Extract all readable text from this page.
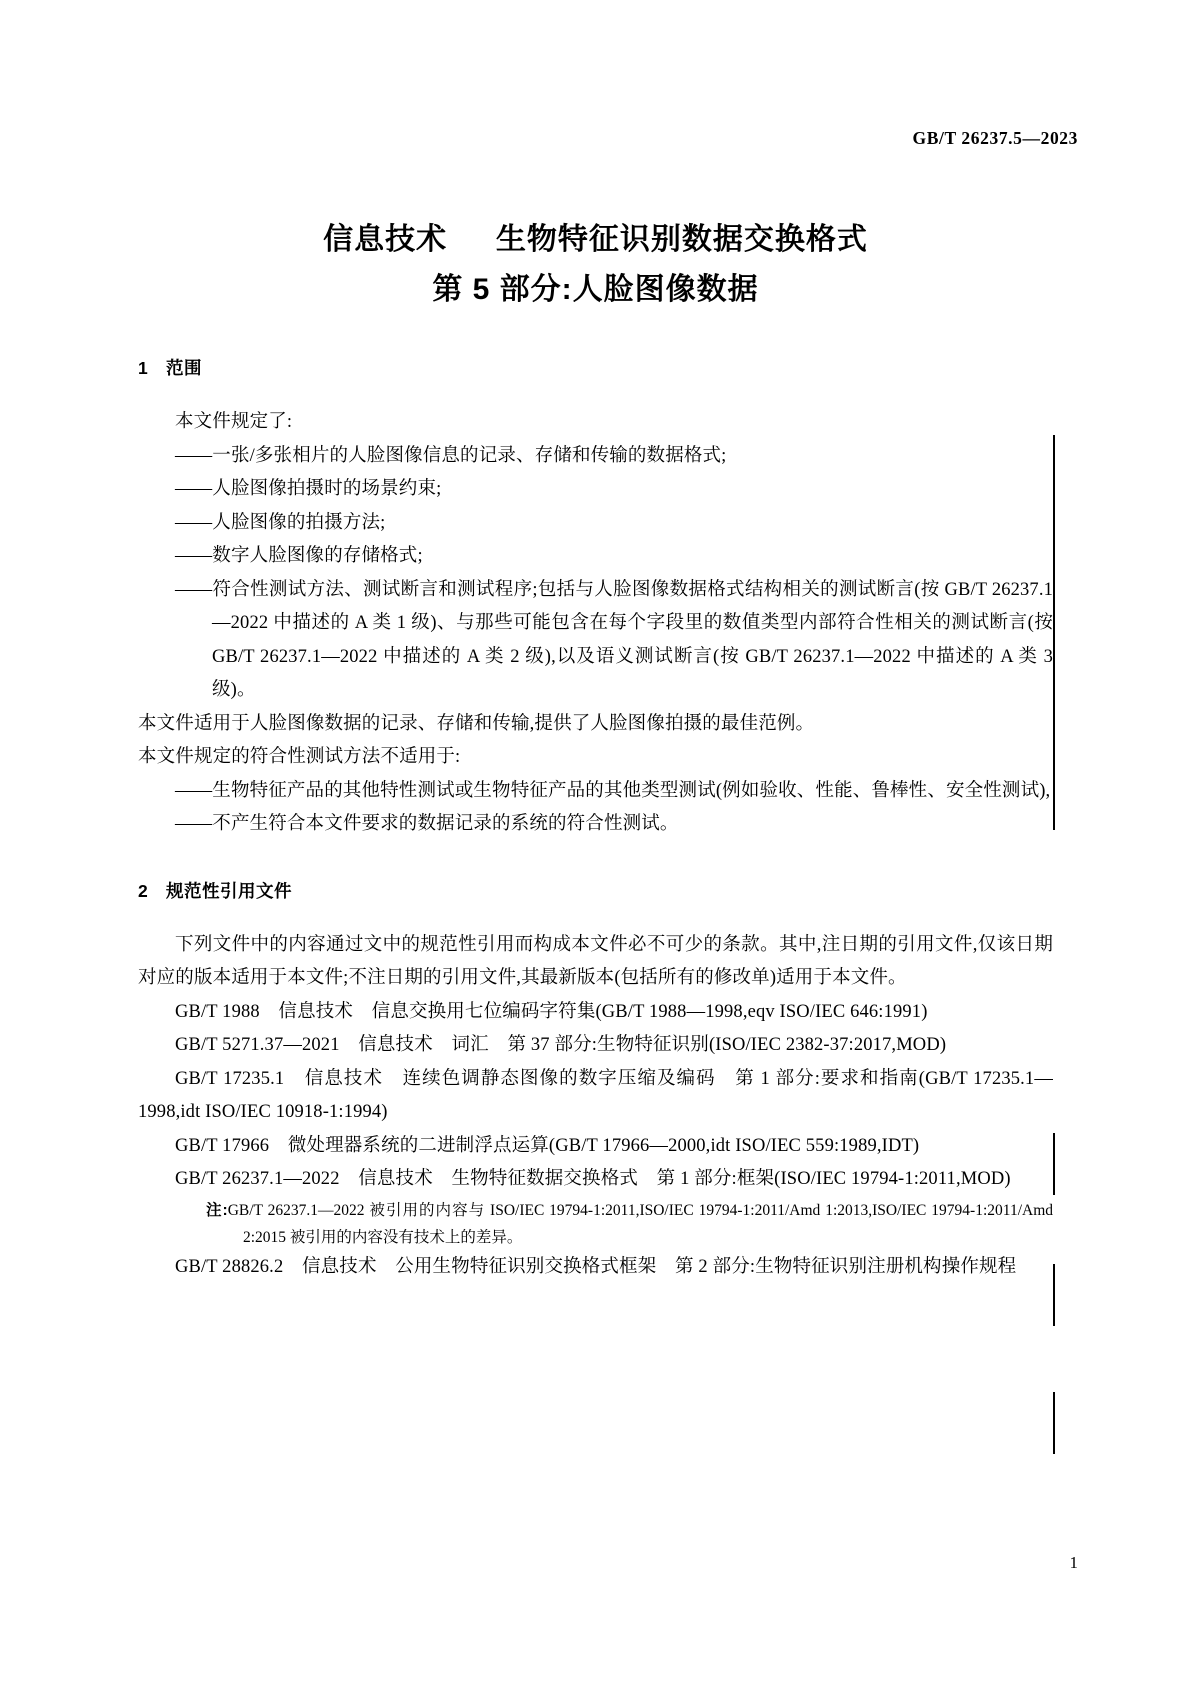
GB/T 26237.5—2023
信息技术 生物特征识别数据交换格式
第 5 部分:人脸图像数据
1 范围

本文件规定了:

——一张/多张相片的人脸图像信息的记录、存储和传输的数据格式;

——人脸图像拍摄时的场景约束;

——人脸图像的拍摄方法;

——数字人脸图像的存储格式;

——符合性测试方法、测试断言和测试程序;包括与人脸图像数据格式结构相关的测试断言(按 GB/T 26237.1—2022 中描述的 A 类 1 级)、与那些可能包含在每个字段里的数值类型内部符合性相关的测试断言(按 GB/T 26237.1—2022 中描述的 A 类 2 级),以及语义测试断言(按 GB/T 26237.1—2022 中描述的 A 类 3 级)。

本文件适用于人脸图像数据的记录、存储和传输,提供了人脸图像拍摄的最佳范例。

本文件规定的符合性测试方法不适用于:

——生物特征产品的其他特性测试或生物特征产品的其他类型测试(例如验收、性能、鲁棒性、安全性测试),

——不产生符合本文件要求的数据记录的系统的符合性测试。

2 规范性引用文件

下列文件中的内容通过文中的规范性引用而构成本文件必不可少的条款。其中,注日期的引用文件,仅该日期对应的版本适用于本文件;不注日期的引用文件,其最新版本(包括所有的修改单)适用于本文件。

GB/T 1988　信息技术　信息交换用七位编码字符集(GB/T 1988—1998,eqv ISO/IEC 646:1991)

GB/T 5271.37—2021　信息技术　词汇　第 37 部分:生物特征识别(ISO/IEC 2382-37:2017,MOD)

GB/T 17235.1　信息技术　连续色调静态图像的数字压缩及编码　第 1 部分:要求和指南(GB/T 17235.1—1998,idt ISO/IEC 10918-1:1994)

GB/T 17966　微处理器系统的二进制浮点运算(GB/T 17966—2000,idt ISO/IEC 559:1989,IDT)

GB/T 26237.1—2022　信息技术　生物特征数据交换格式　第 1 部分:框架(ISO/IEC 19794-1:2011,MOD)

注:GB/T 26237.1—2022 被引用的内容与 ISO/IEC 19794-1:2011,ISO/IEC 19794-1:2011/Amd 1:2013,ISO/IEC 19794-1:2011/Amd 2:2015 被引用的内容没有技术上的差异。

GB/T 28826.2　信息技术　公用生物特征识别交换格式框架　第 2 部分:生物特征识别注册机构操作规程

1
